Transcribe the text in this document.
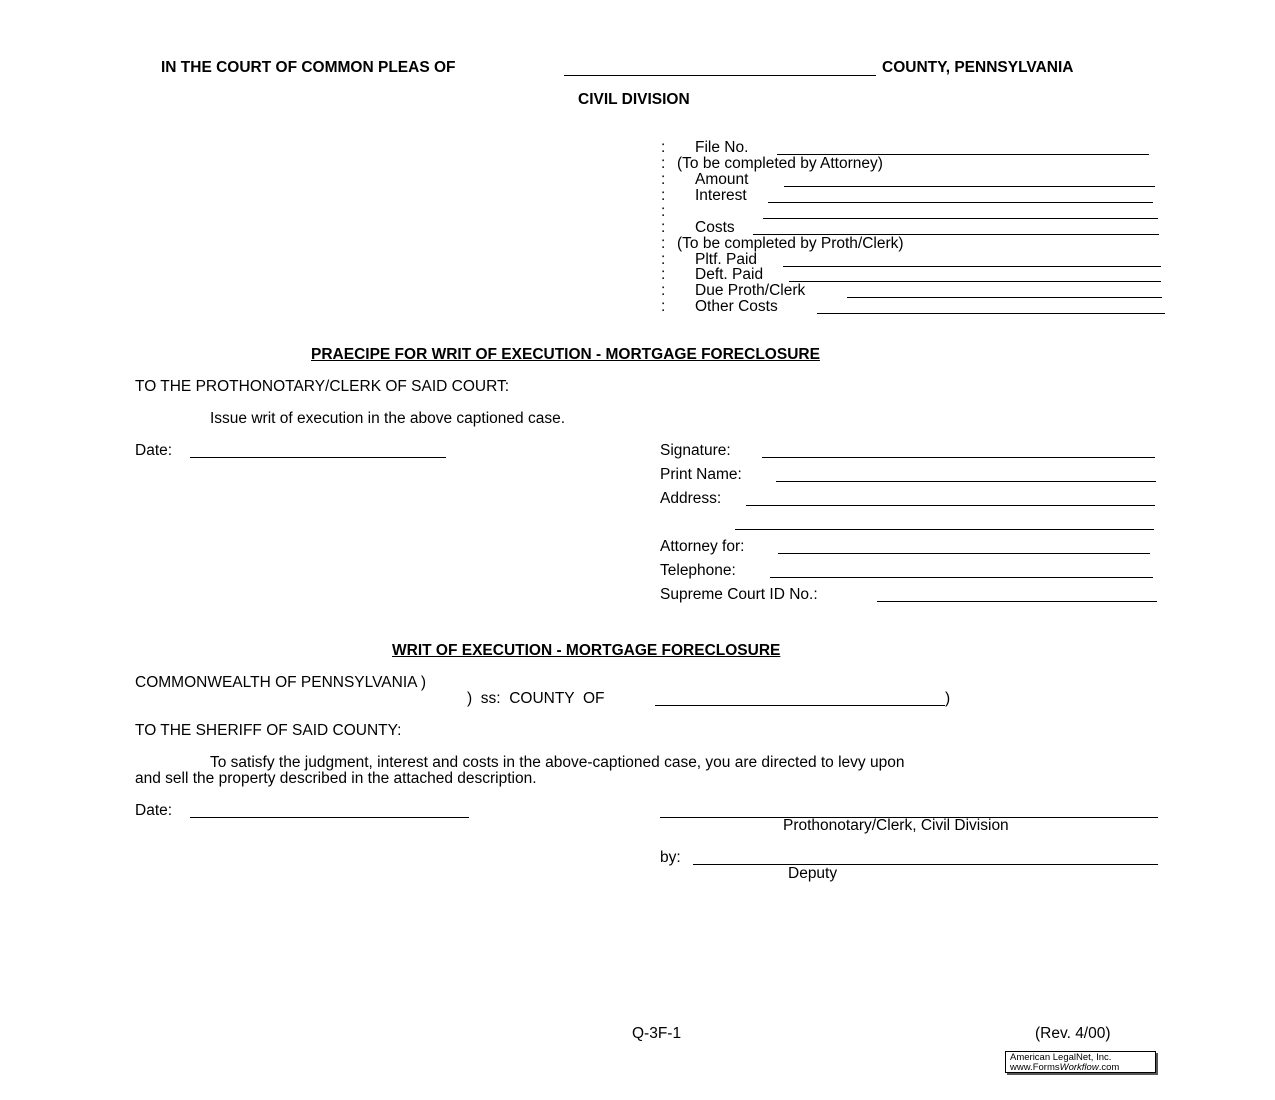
IN THE COURT OF COMMON PLEAS OF	COUNTY, PENNSYLVANIA
CIVIL DIVISION
: File No.
: (To be completed by Attorney)
: Amount
: Interest
:
: Costs
: (To be completed by Proth/Clerk)
: Pltf. Paid
: Deft. Paid
: Due Proth/Clerk
: Other Costs
PRAECIPE FOR WRIT OF EXECUTION - MORTGAGE FORECLOSURE
TO THE PROTHONOTARY/CLERK OF SAID COURT:
Issue writ of execution in the above captioned case.
Date:	Signature:
Print Name:
Address:
Attorney for:
Telephone:
Supreme Court ID No.:
WRIT OF EXECUTION - MORTGAGE FORECLOSURE
COMMONWEALTH OF PENNSYLVANIA )
)  ss:  COUNTY  OF	)
TO THE SHERIFF OF SAID COUNTY:
To satisfy the judgment, interest and costs in the above-captioned case, you are directed to levy upon
and sell the property described in the attached description.
Date:
Prothonotary/Clerk, Civil Division
by:
Deputy
Q-3F-1	(Rev. 4/00)
American LegalNet, Inc.
www.FormsWorkflow.com
